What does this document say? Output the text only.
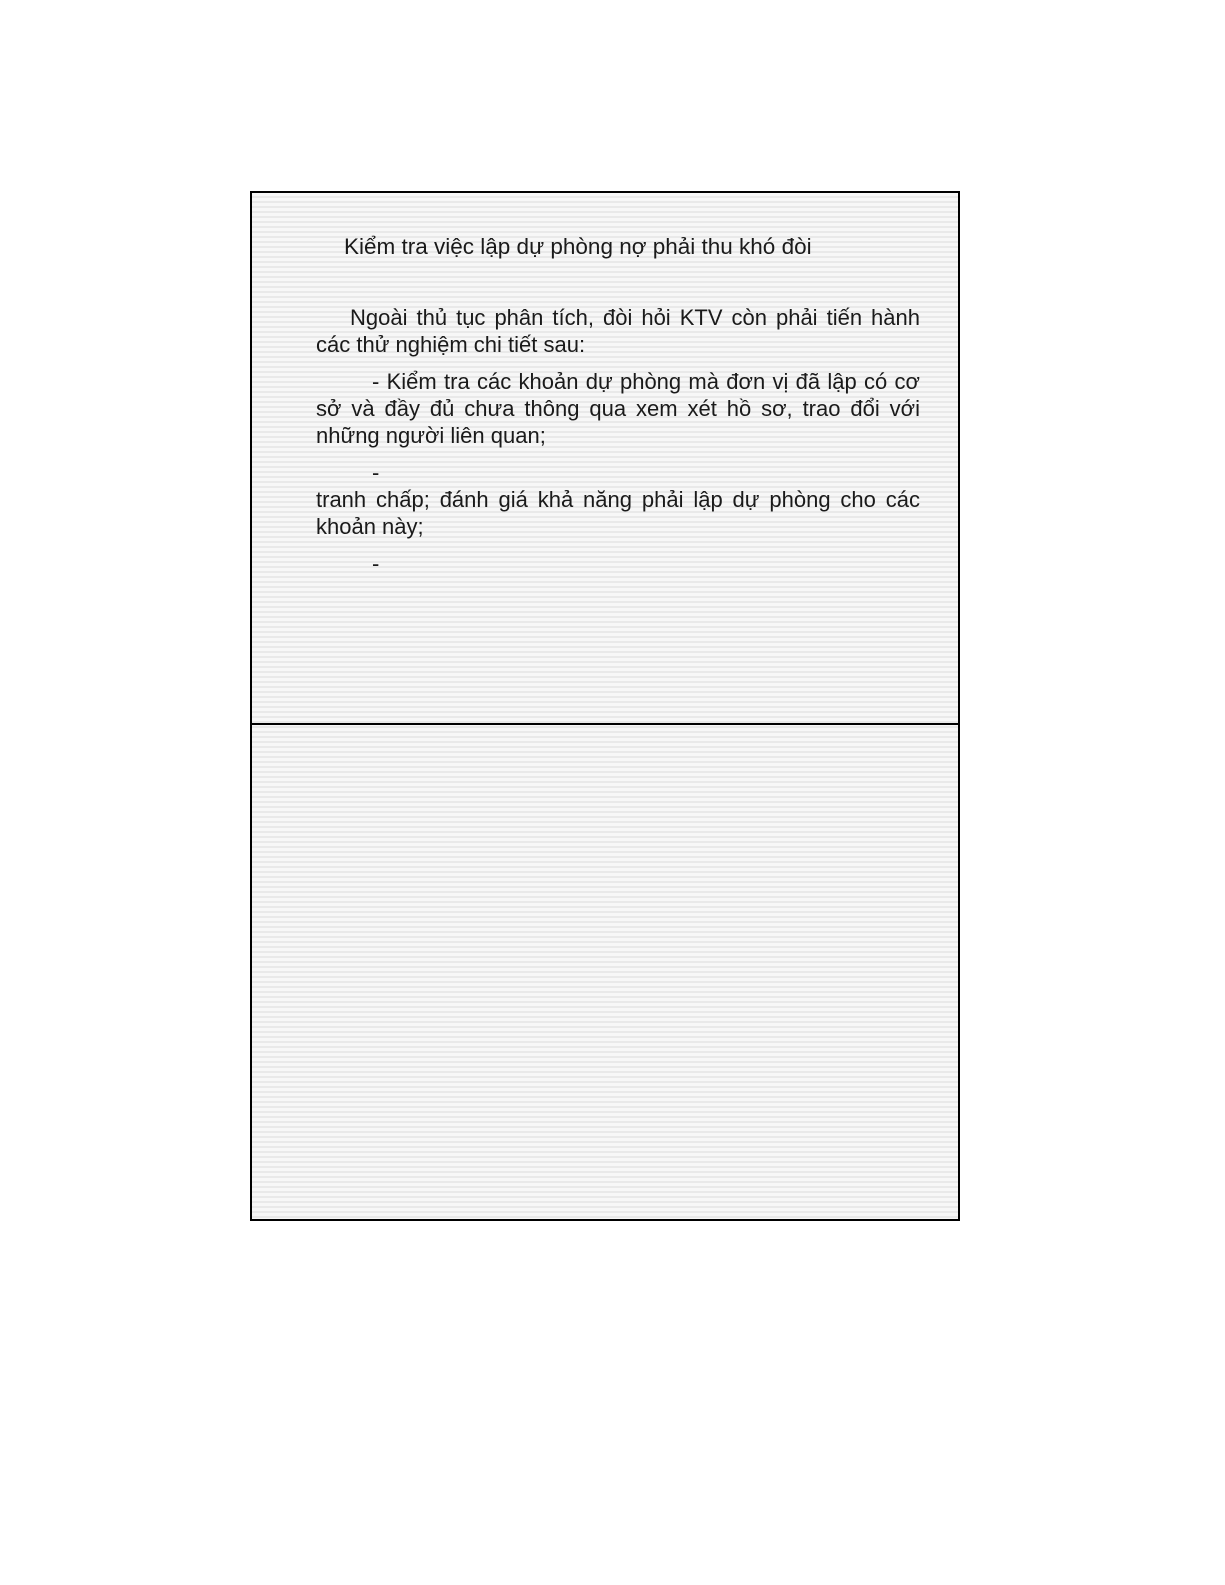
Kiểm tra việc lập dự phòng nợ phải thu khó đòi

Ngoài thủ tục phân tích, đòi hỏi KTV còn phải tiến hành các thử nghiệm chi tiết sau:

- Kiểm tra các khoản dự phòng mà đơn vị đã lập có cơ sở và đầy đủ chưa thông qua xem xét hồ sơ, trao đổi với những người liên quan;

-

tranh chấp; đánh giá khả năng phải lập dự phòng cho các khoản này;

-
